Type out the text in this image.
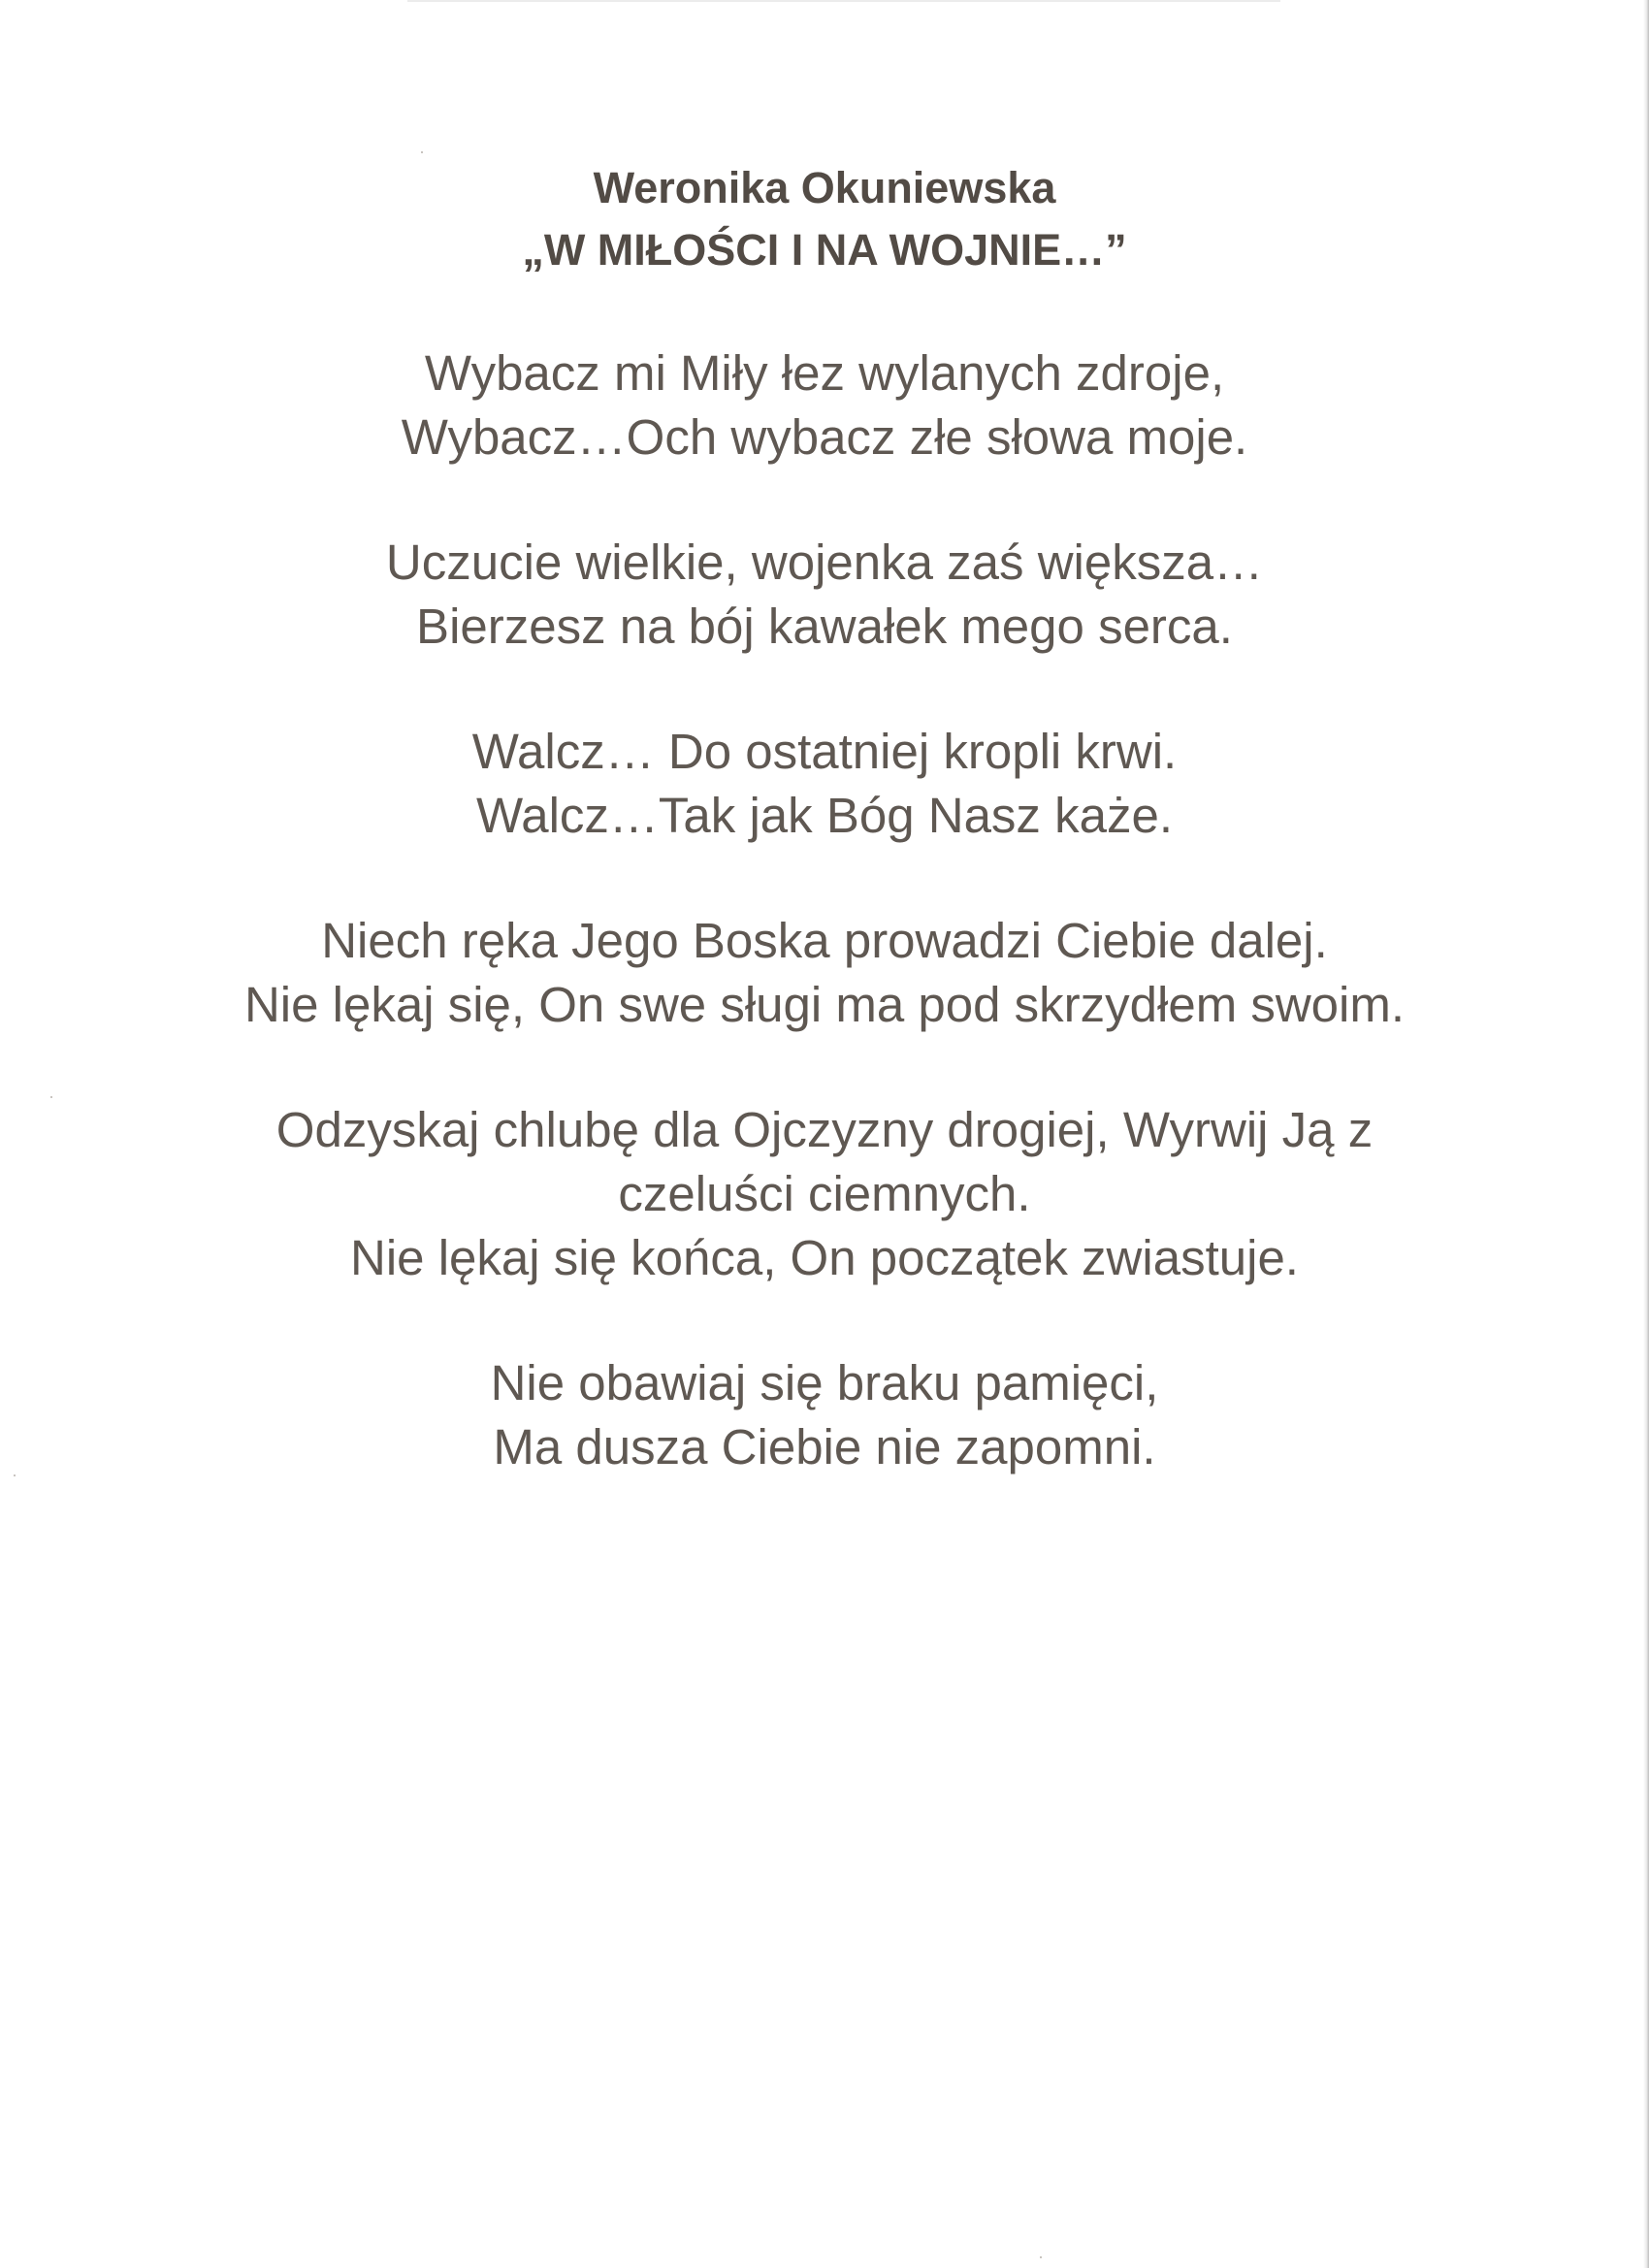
Weronika Okuniewska
„W MIŁOŚCI I NA WOJNIE…”
Wybacz mi Miły łez wylanych zdroje,
Wybacz…Och wybacz złe słowa moje.
Uczucie wielkie, wojenka zaś większa…
Bierzesz na bój kawałek mego serca.
Walcz… Do ostatniej kropli krwi.
Walcz…Tak jak Bóg Nasz każe.
Niech ręka Jego Boska prowadzi Ciebie dalej.
Nie lękaj się, On swe sługi ma pod skrzydłem swoim.
Odzyskaj chlubę dla Ojczyzny drogiej, Wyrwij Ją z
czeluści ciemnych.
Nie lękaj się końca, On początek zwiastuje.
Nie obawiaj się braku pamięci,
Ma dusza Ciebie nie zapomni.
